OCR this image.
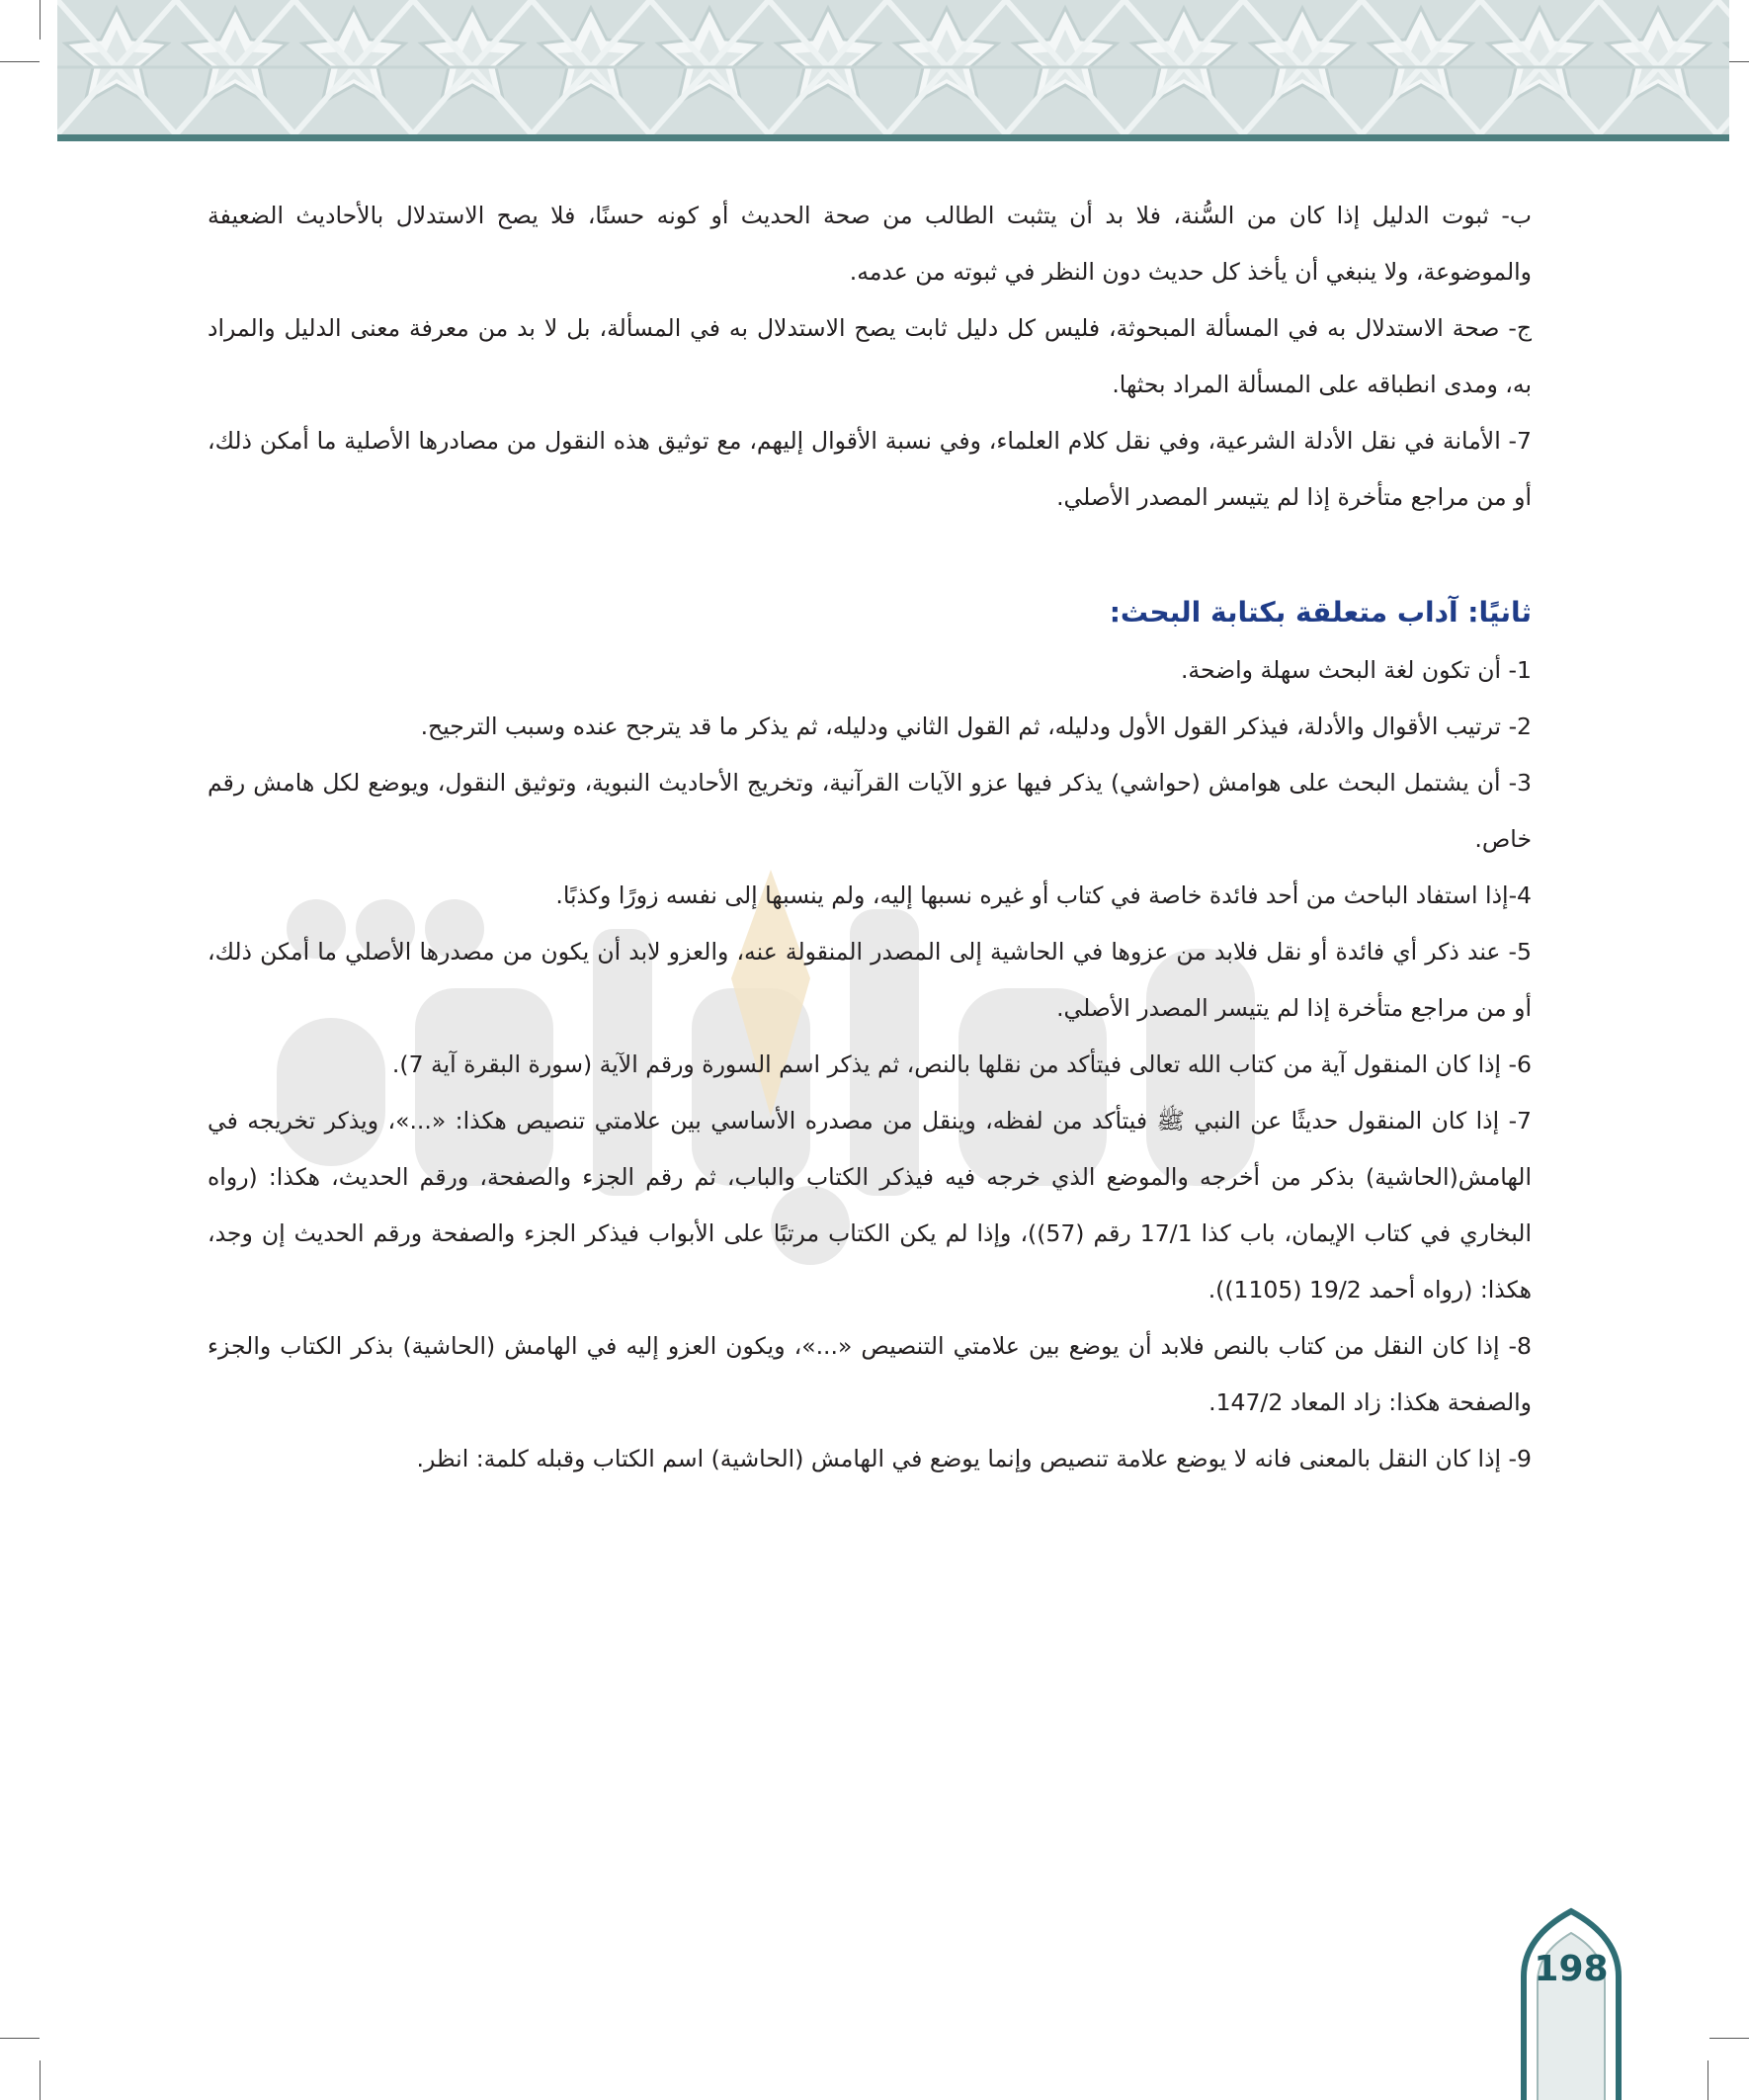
ب- ثبوت الدليل إذا كان من السُّنة، فلا بد أن يتثبت الطالب من صحة الحديث أو كونه حسنًا، فلا يصح الاستدلال بالأحاديث الضعيفة والموضوعة، ولا ينبغي أن يأخذ كل حديث دون النظر في ثبوته من عدمه.

ج- صحة الاستدلال به في المسألة المبحوثة، فليس كل دليل ثابت يصح الاستدلال به في المسألة، بل لا بد من معرفة معنى الدليل والمراد به، ومدى انطباقه على المسألة المراد بحثها.

7- الأمانة في نقل الأدلة الشرعية، وفي نقل كلام العلماء، وفي نسبة الأقوال إليهم، مع توثيق هذه النقول من مصادرها الأصلية ما أمكن ذلك، أو من مراجع متأخرة إذا لم يتيسر المصدر الأصلي.

ثانيًا: آداب متعلقة بكتابة البحث:

1- أن تكون لغة البحث سهلة واضحة.

2- ترتيب الأقوال والأدلة، فيذكر القول الأول ودليله، ثم القول الثاني ودليله، ثم يذكر ما قد يترجح عنده وسبب الترجيح.

3- أن يشتمل البحث على هوامش (حواشي) يذكر فيها عزو الآيات القرآنية، وتخريج الأحاديث النبوية، وتوثيق النقول، ويوضع لكل هامش رقم خاص.

4-إذا استفاد الباحث من أحد فائدة خاصة في كتاب أو غيره نسبها إليه، ولم ينسبها إلى نفسه زورًا وكذبًا.

5- عند ذكر أي فائدة أو نقل فلابد من عزوها في الحاشية إلى المصدر المنقولة عنه، والعزو لابد أن يكون من مصدرها الأصلي ما أمكن ذلك، أو من مراجع متأخرة إذا لم يتيسر المصدر الأصلي.

6- إذا كان المنقول آية من كتاب الله تعالى فيتأكد من نقلها بالنص، ثم يذكر اسم السورة ورقم الآية (سورة البقرة آية 7).

7- إذا كان المنقول حديثًا عن النبي ﷺ فيتأكد من لفظه، وينقل من مصدره الأساسي بين علامتي تنصيص هكذا: «...»، ويذكر تخريجه في الهامش(الحاشية) بذكر من أخرجه والموضع الذي خرجه فيه فيذكر الكتاب والباب، ثم رقم الجزء والصفحة، ورقم الحديث، هكذا: (رواه البخاري في كتاب الإيمان، باب كذا 17/1 رقم (57))، وإذا لم يكن الكتاب مرتبًا على الأبواب فيذكر الجزء والصفحة ورقم الحديث إن وجد، هكذا: (رواه أحمد 19/2 (1105)).

8- إذا كان النقل من كتاب بالنص فلابد أن يوضع بين علامتي التنصيص «...»، ويكون العزو إليه في الهامش (الحاشية) بذكر الكتاب والجزء والصفحة هكذا: زاد المعاد 147/2.

9- إذا كان النقل بالمعنى فانه لا يوضع علامة تنصيص وإنما يوضع في الهامش (الحاشية) اسم الكتاب وقبله كلمة: انظر.

198
